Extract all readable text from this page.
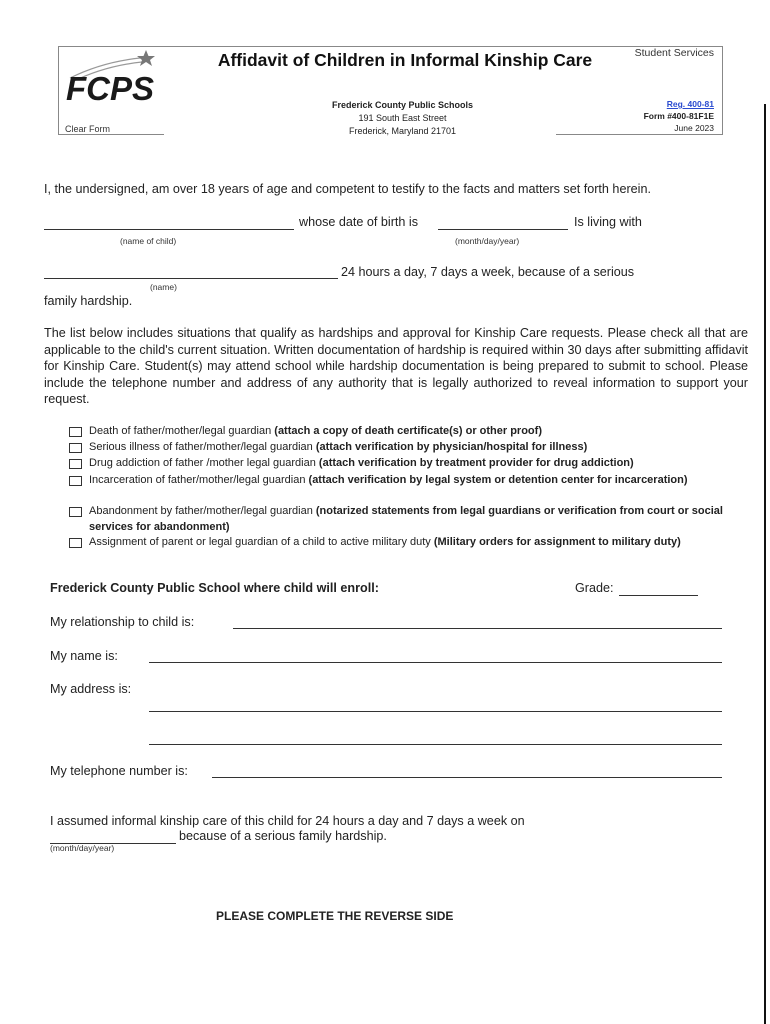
FCPS
Affidavit of Children in Informal Kinship Care	Student Services
Frederick County Public Schools
191 South East Street
Frederick, Maryland 21701
Reg. 400-81
Form #400-81F1E
June 2023
Clear Form
I, the undersigned, am over 18 years of age and competent to testify to the facts and matters set forth herein.
whose date of birth is	Is living with
(name of child)	(month/day/year)
24 hours a day, 7 days a week, because of a serious
(name)
family hardship.
The list below includes situations that qualify as hardships and approval for Kinship Care requests. Please check all that are applicable to the child's current situation. Written documentation of hardship is required within 30 days after submitting affidavit for Kinship Care. Student(s) may attend school while hardship documentation is being prepared to submit to school. Please include the telephone number and address of any authority that is legally authorized to reveal information to support your request.
Death of father/mother/legal guardian (attach a copy of death certificate(s) or other proof)
Serious illness of father/mother/legal guardian (attach verification by physician/hospital for illness)
Drug addiction of father /mother legal guardian (attach verification by treatment provider for drug addiction)
Incarceration of father/mother/legal guardian (attach verification by legal system or detention center for incarceration)
Abandonment by father/mother/legal guardian (notarized statements from legal guardians or verification from court or social services for abandonment)
Assignment of parent or legal guardian of a child to active military duty (Military orders for assignment to military duty)
Frederick County Public School where child will enroll:	Grade:
My relationship to child is:
My name is:
My address is:
My telephone number is:
I assumed informal kinship care of this child for 24 hours a day and 7 days a week on
because of a serious family hardship.
(month/day/year)
PLEASE COMPLETE THE REVERSE SIDE
